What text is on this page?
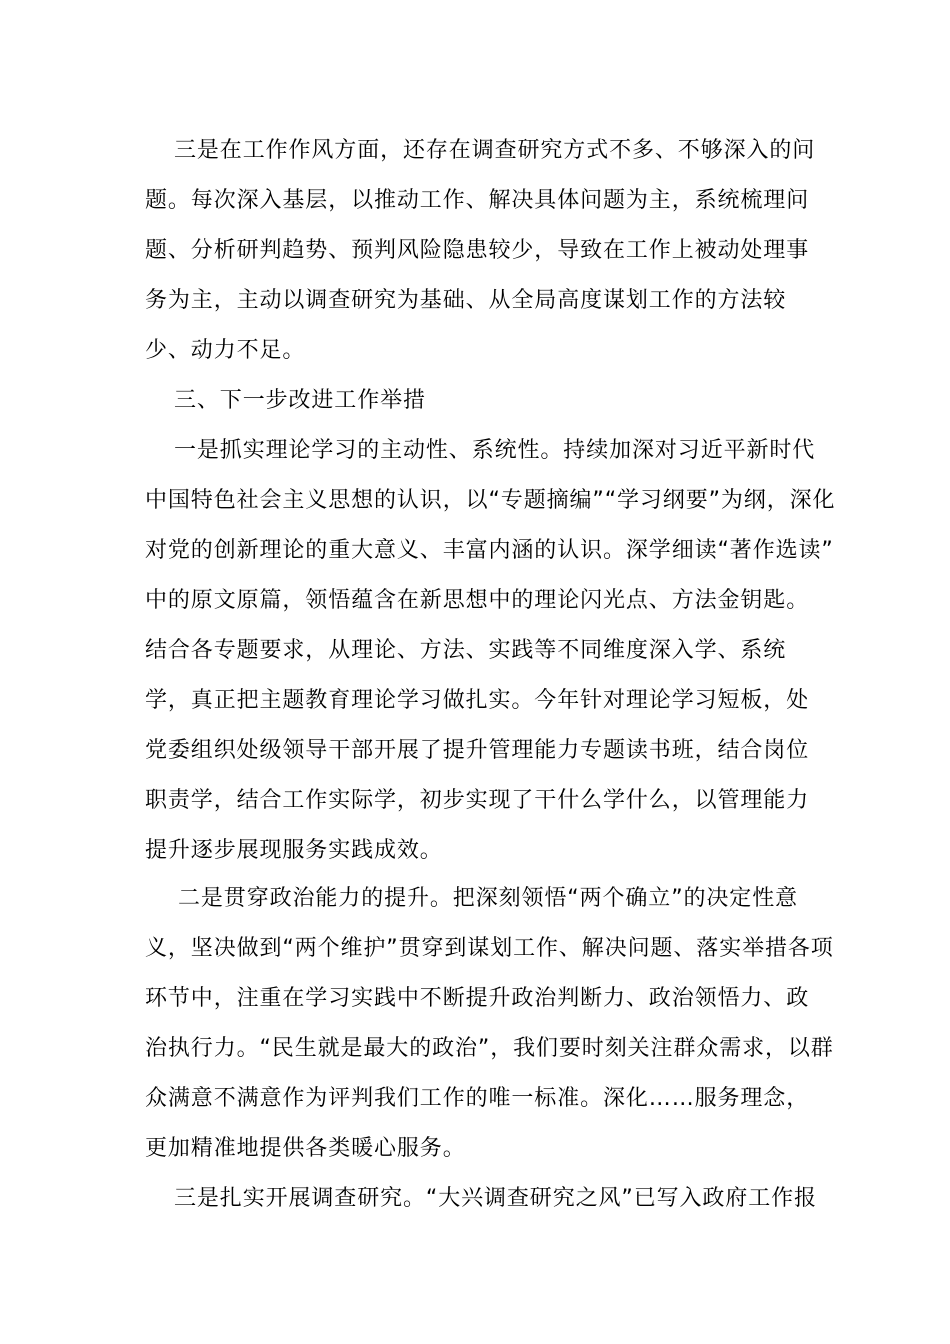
三是在工作作风方面，还存在调查研究方式不多、不够深入的问
题。每次深入基层，以推动工作、解决具体问题为主，系统梳理问
题、分析研判趋势、预判风险隐患较少，导致在工作上被动处理事
务为主，主动以调查研究为基础、从全局高度谋划工作的方法较
少、动力不足。
三、下一步改进工作举措
一是抓实理论学习的主动性、系统性。持续加深对习近平新时代
中国特色社会主义思想的认识，以“专题摘编”“学习纲要”为纲，深化
对党的创新理论的重大意义、丰富内涵的认识。深学细读“著作选读”
中的原文原篇，领悟蕴含在新思想中的理论闪光点、方法金钥匙。
结合各专题要求，从理论、方法、实践等不同维度深入学、系统
学，真正把主题教育理论学习做扎实。今年针对理论学习短板，处
党委组织处级领导干部开展了提升管理能力专题读书班，结合岗位
职责学，结合工作实际学，初步实现了干什么学什么，以管理能力
提升逐步展现服务实践成效。
二是贯穿政治能力的提升。把深刻领悟“两个确立”的决定性意
义，坚决做到“两个维护”贯穿到谋划工作、解决问题、落实举措各项
环节中，注重在学习实践中不断提升政治判断力、政治领悟力、政
治执行力。“民生就是最大的政治”，我们要时刻关注群众需求，以群
众满意不满意作为评判我们工作的唯一标准。深化……服务理念，
更加精准地提供各类暖心服务。
三是扎实开展调查研究。“大兴调查研究之风”已写入政府工作报
